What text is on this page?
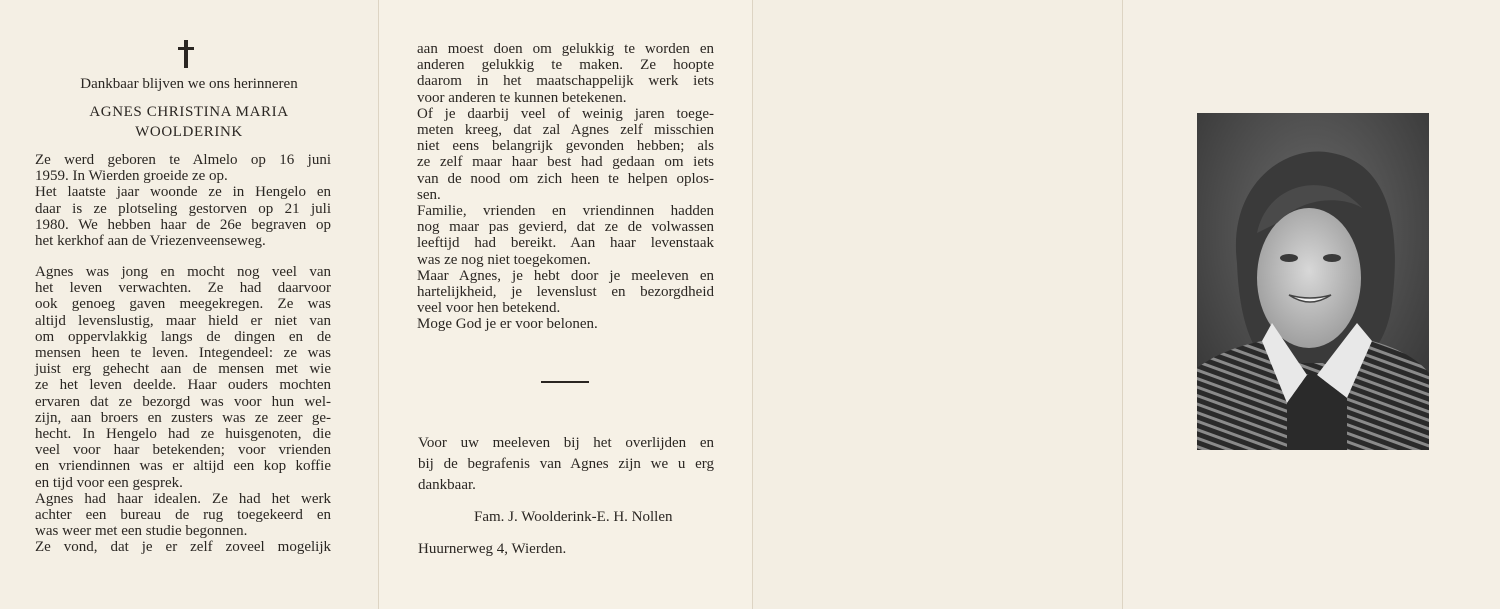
Dankbaar blijven we ons herinneren
AGNES CHRISTINA MARIA
WOOLDERINK
Ze werd geboren te Almelo op 16 juni
1959. In Wierden groeide ze op.
Het laatste jaar woonde ze in Hengelo en
daar is ze plotseling gestorven op 21 juli
1980. We hebben haar de 26e begraven op
het kerkhof aan de Vriezenveenseweg.
Agnes was jong en mocht nog veel van
het leven verwachten. Ze had daarvoor
ook genoeg gaven meegekregen. Ze was
altijd levenslustig, maar hield er niet van
om oppervlakkig langs de dingen en de
mensen heen te leven. Integendeel: ze was
juist erg gehecht aan de mensen met wie
ze het leven deelde. Haar ouders mochten
ervaren dat ze bezorgd was voor hun wel-
zijn, aan broers en zusters was ze zeer ge-
hecht. In Hengelo had ze huisgenoten, die
veel voor haar betekenden; voor vrienden
en vriendinnen was er altijd een kop koffie
en tijd voor een gesprek.
Agnes had haar idealen. Ze had het werk
achter een bureau de rug toegekeerd en
was weer met een studie begonnen.
Ze vond, dat je er zelf zoveel mogelijk
aan moest doen om gelukkig te worden en
anderen gelukkig te maken. Ze hoopte
daarom in het maatschappelijk werk iets
voor anderen te kunnen betekenen.
Of je daarbij veel of weinig jaren toege-
meten kreeg, dat zal Agnes zelf misschien
niet eens belangrijk gevonden hebben; als
ze zelf maar haar best had gedaan om iets
van de nood om zich heen te helpen oplos-
sen.
Familie, vrienden en vriendinnen hadden
nog maar pas gevierd, dat ze de volwassen
leeftijd had bereikt. Aan haar levenstaak
was ze nog niet toegekomen.
Maar Agnes, je hebt door je meeleven en
hartelijkheid, je levenslust en bezorgdheid
veel voor hen betekend.
Moge God je er voor belonen.
Voor uw meeleven bij het overlijden en
bij de begrafenis van Agnes zijn we u erg
dankbaar.
Fam. J. Woolderink-E. H. Nollen
Huurnerweg 4, Wierden.
